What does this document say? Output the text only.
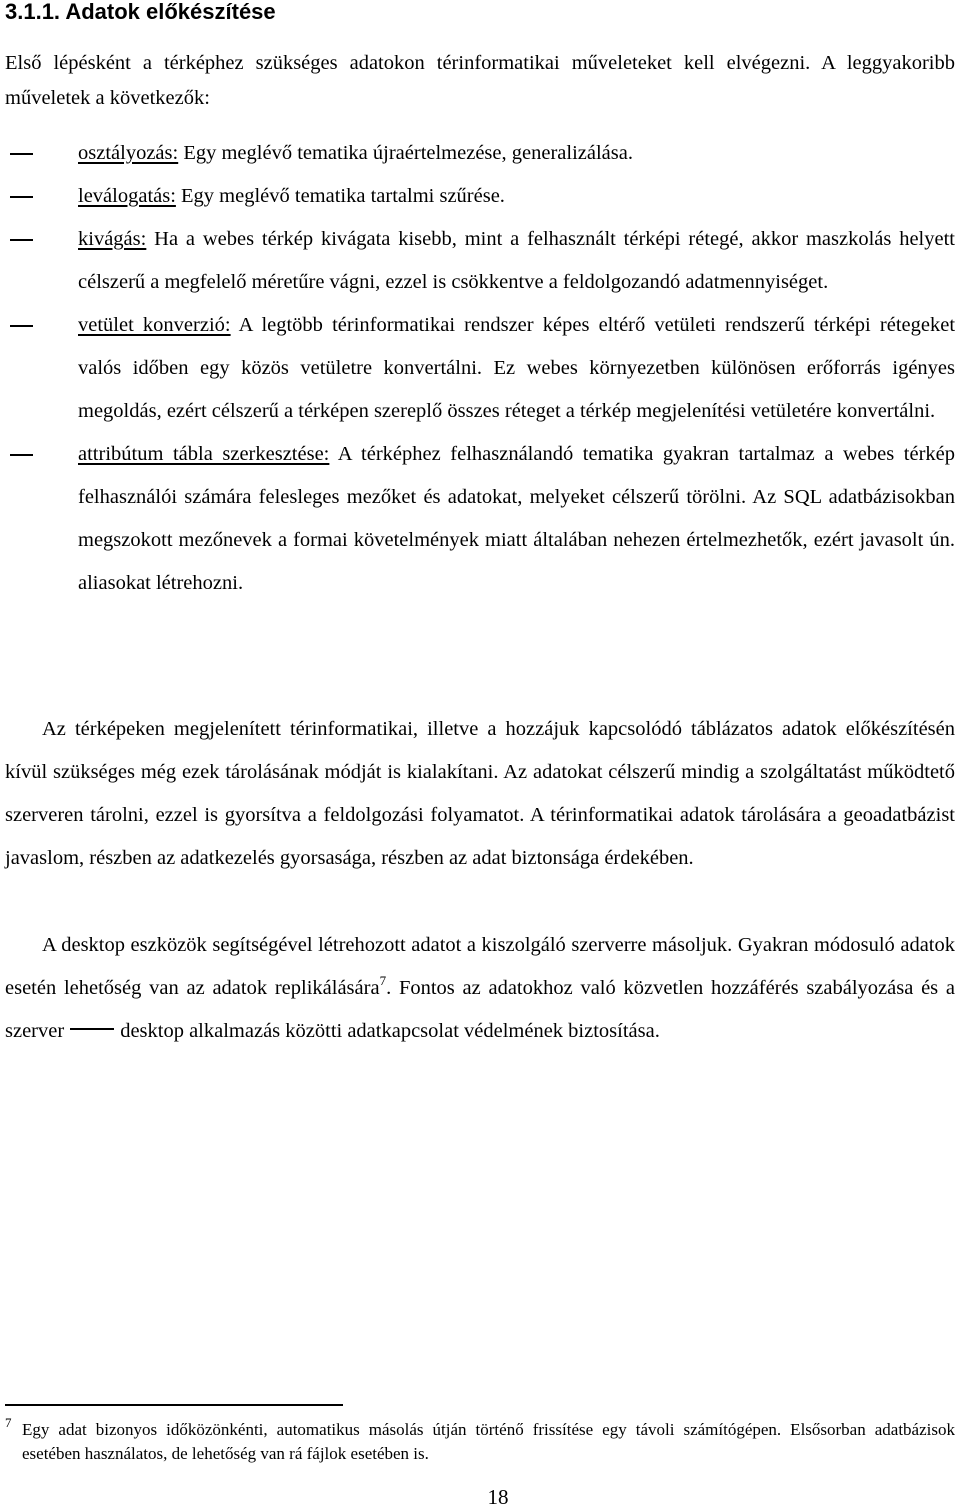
3.1.1. Adatok előkészítése

Első lépésként a térképhez szükséges adatokon térinformatikai műveleteket kell elvégezni. A leggyakoribb műveletek a következők:

osztályozás: Egy meglévő tematika újraértelmezése, generalizálása.
leválogatás: Egy meglévő tematika tartalmi szűrése.
kivágás: Ha a webes térkép kivágata kisebb, mint a felhasznált térképi rétegé, akkor maszkolás helyett célszerű a megfelelő méretűre vágni, ezzel is csökkentve a feldolgozandó adatmennyiséget.
vetület konverzió: A legtöbb térinformatikai rendszer képes eltérő vetületi rendszerű térképi rétegeket valós időben egy közös vetületre konvertálni. Ez webes környezetben különösen erőforrás igényes megoldás, ezért célszerű a térképen szereplő összes réteget a térkép megjelenítési vetületére konvertálni.
attribútum tábla szerkesztése: A térképhez felhasználandó tematika gyakran tartalmaz a webes térkép felhasználói számára felesleges mezőket és adatokat, melyeket célszerű törölni. Az SQL adatbázisokban megszokott mezőnevek a formai követelmények miatt általában nehezen értelmezhetők, ezért javasolt ún. aliasokat létrehozni.

Az térképeken megjelenített térinformatikai, illetve a hozzájuk kapcsolódó táblázatos adatok előkészítésén kívül szükséges még ezek tárolásának módját is kialakítani. Az adatokat célszerű mindig a szolgáltatást működtető szerveren tárolni, ezzel is gyorsítva a feldolgozási folyamatot. A térinformatikai adatok tárolására a geoadatbázist javaslom, részben az adatkezelés gyorsasága, részben az adat biztonsága érdekében.

A desktop eszközök segítségével létrehozott adatot a kiszolgáló szerverre másoljuk. Gyakran módosuló adatok esetén lehetőség van az adatok replikálására$^7$. Fontos az adatokhoz való közvetlen hozzáférés szabályozása és a szerver	desktop alkalmazás közötti adatkapcsolat védelmének biztosítása.

7 Egy adat bizonyos időközönkénti, automatikus másolás útján történő frissítése egy távoli számítógépen. Elsősorban adatbázisok esetében használatos, de lehetőség van rá fájlok esetében is.

18
